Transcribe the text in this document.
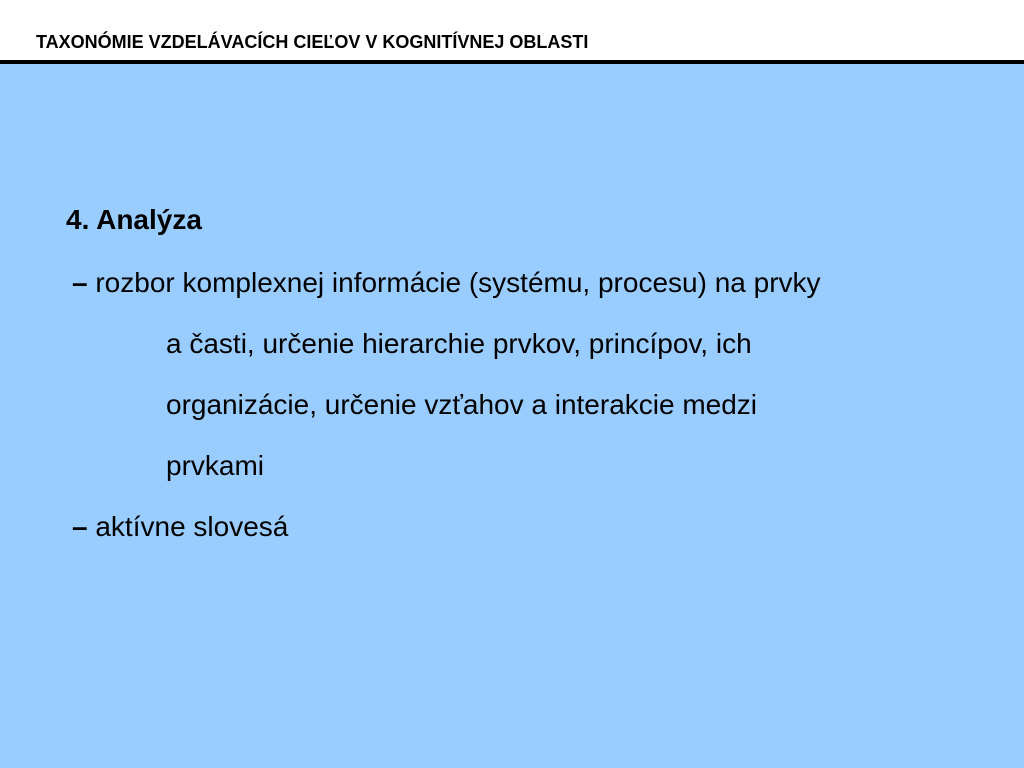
TAXONÓMIE VZDELÁVACÍCH CIEĽOV V KOGNITÍVNEJ OBLASTI
4. Analýza
– rozbor komplexnej informácie (systému, procesu) na prvky
a časti, určenie hierarchie prvkov, princípov, ich
organizácie, určenie vzťahov a interakcie medzi
prvkami
– aktívne slovesá
